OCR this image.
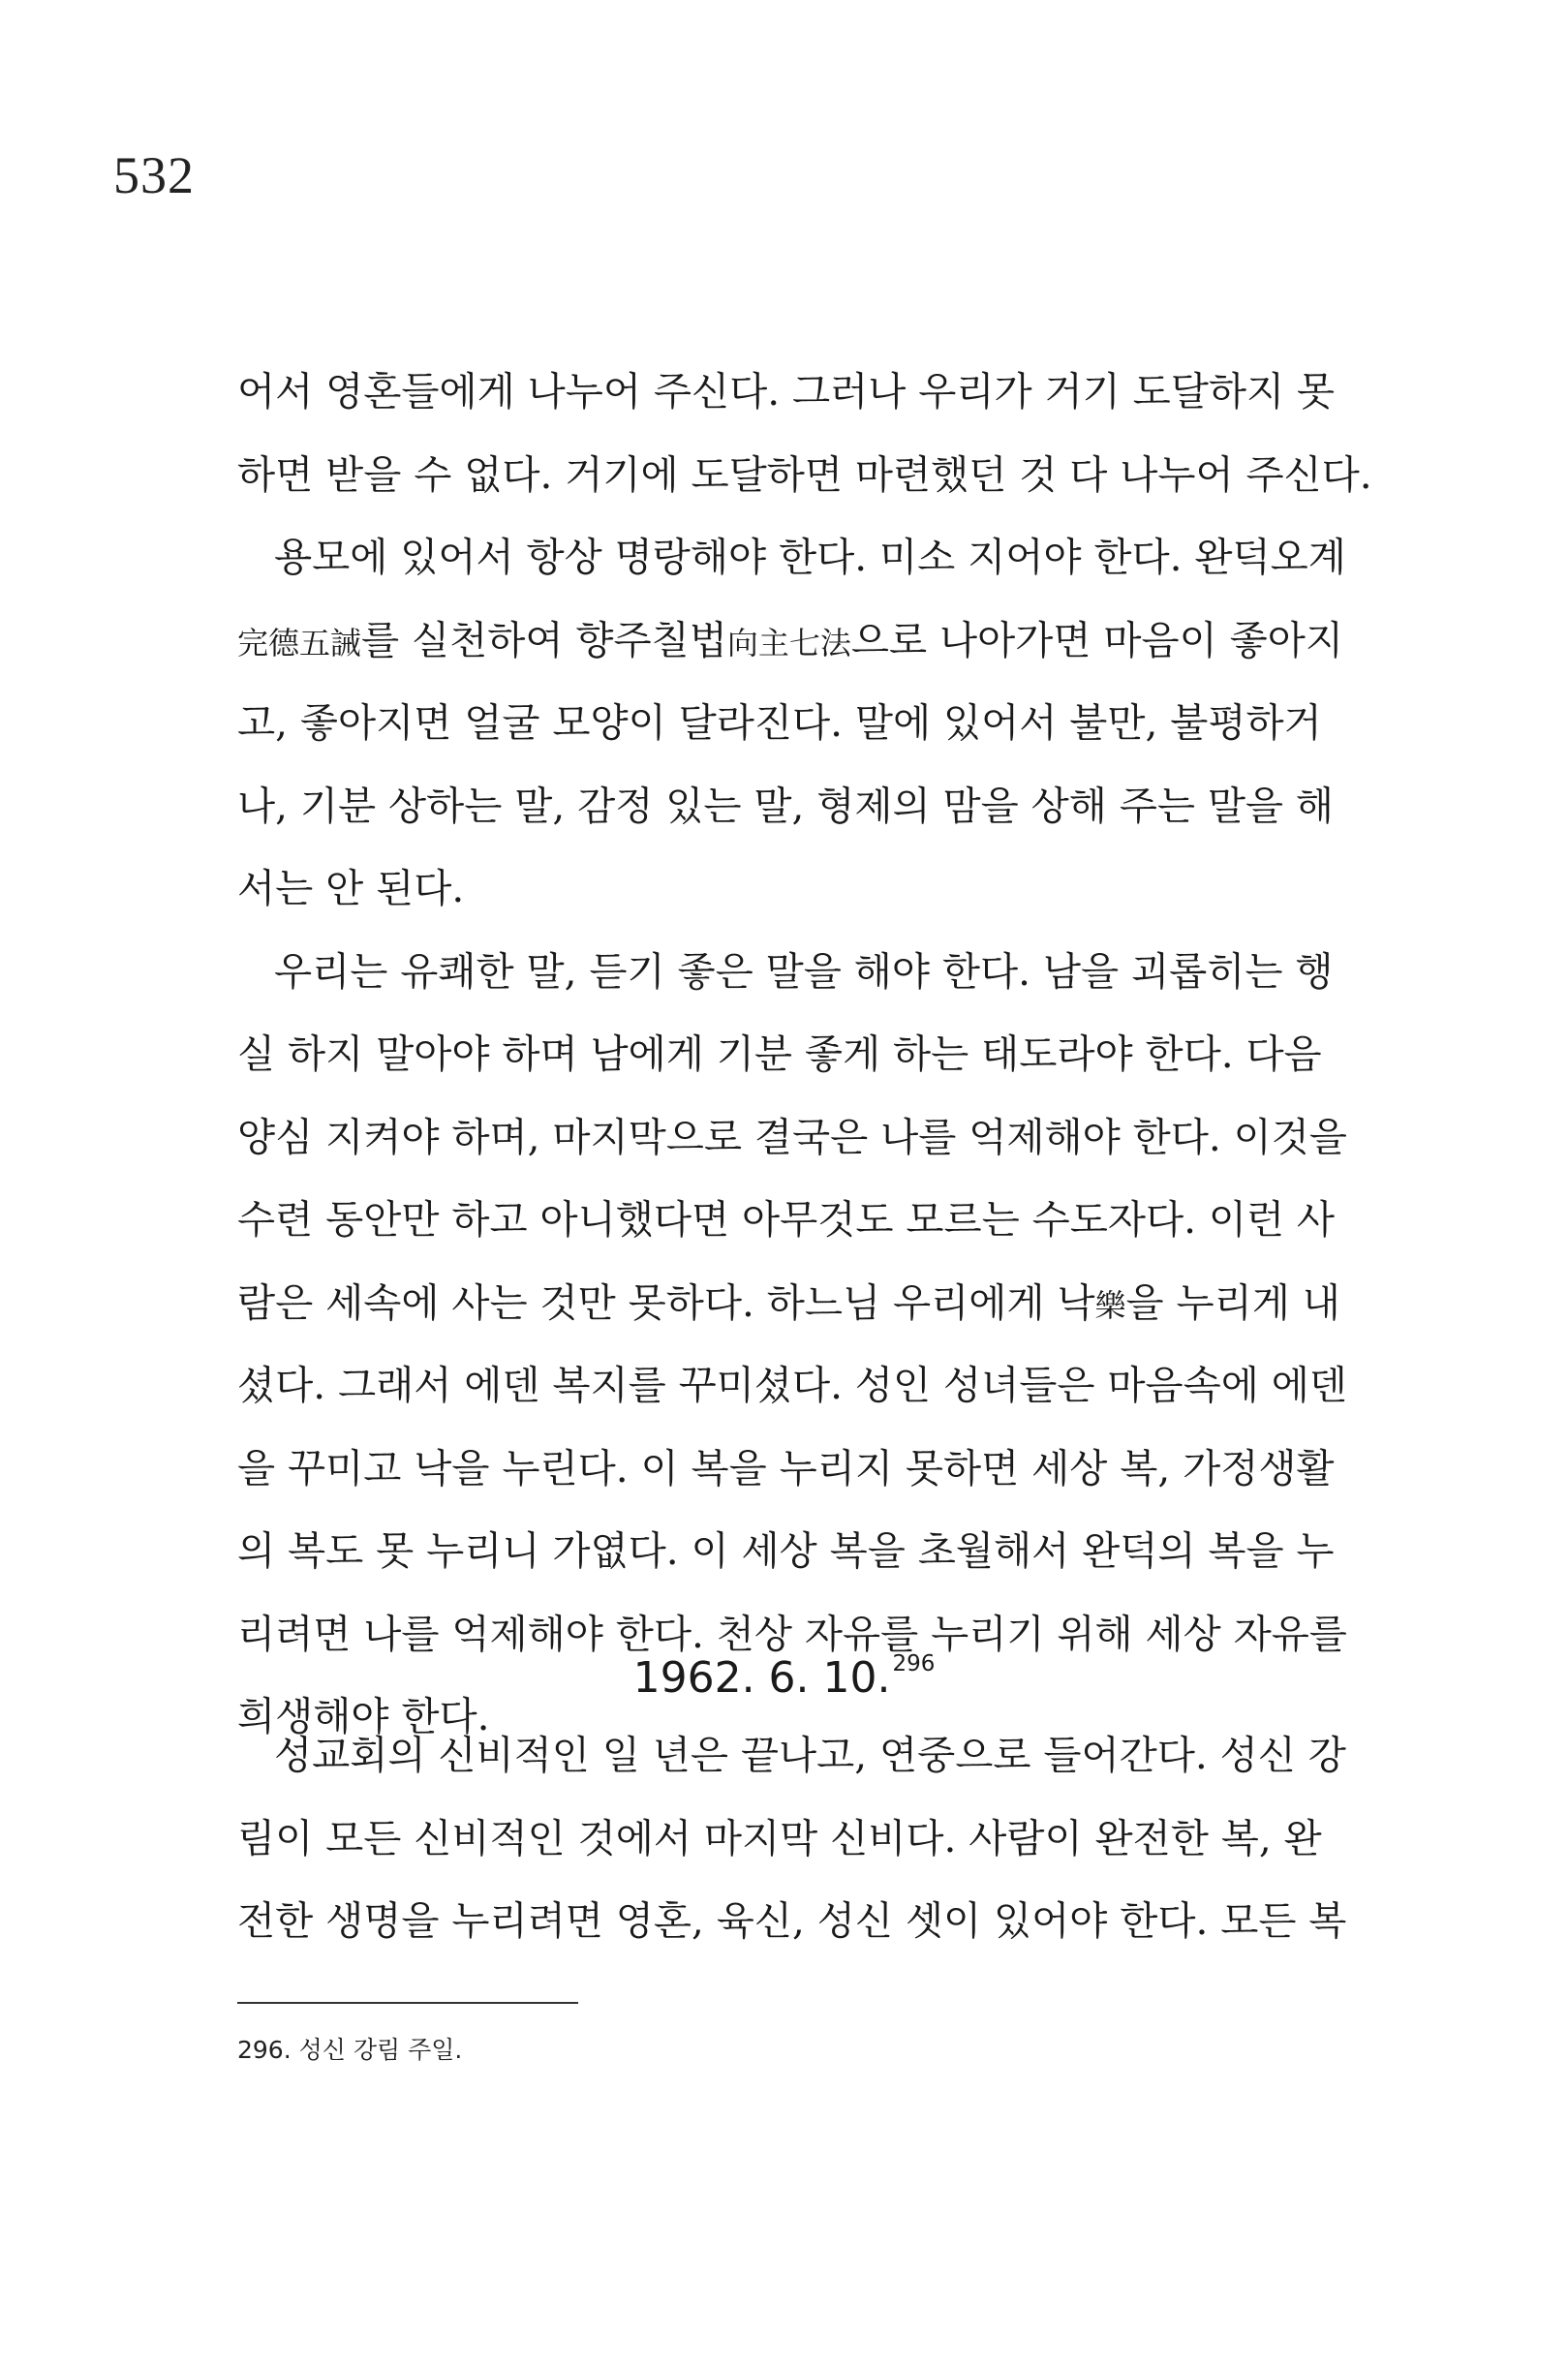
532
어서 영혼들에게 나누어 주신다. 그러나 우리가 거기 도달하지 못
하면 받을 수 없다. 거기에 도달하면 마련했던 것 다 나누어 주신다.
용모에 있어서 항상 명랑해야 한다. 미소 지어야 한다. 완덕오계
完德五誡를 실천하여 향주칠법向主七法으로 나아가면 마음이 좋아지
고, 좋아지면 얼굴 모양이 달라진다. 말에 있어서 불만, 불평하거
나, 기분 상하는 말, 감정 있는 말, 형제의 맘을 상해 주는 말을 해
서는 안 된다.
우리는 유쾌한 말, 듣기 좋은 말을 해야 한다. 남을 괴롭히는 행
실 하지 말아야 하며 남에게 기분 좋게 하는 태도라야 한다. 다음
양심 지켜야 하며, 마지막으로 결국은 나를 억제해야 한다. 이것을
수련 동안만 하고 아니했다면 아무것도 모르는 수도자다. 이런 사
람은 세속에 사는 것만 못하다. 하느님 우리에게 낙樂을 누리게 내
셨다. 그래서 에덴 복지를 꾸미셨다. 성인 성녀들은 마음속에 에덴
을 꾸미고 낙을 누린다. 이 복을 누리지 못하면 세상 복, 가정생활
의 복도 못 누리니 가엾다. 이 세상 복을 초월해서 완덕의 복을 누
리려면 나를 억제해야 한다. 천상 자유를 누리기 위해 세상 자유를
희생해야 한다.
1962. 6. 10.$^{296}$
성교회의 신비적인 일 년은 끝나고, 연중으로 들어간다. 성신 강
림이 모든 신비적인 것에서 마지막 신비다. 사람이 완전한 복, 완
전한 생명을 누리려면 영혼, 육신, 성신 셋이 있어야 한다. 모든 복
296. 성신 강림 주일.
